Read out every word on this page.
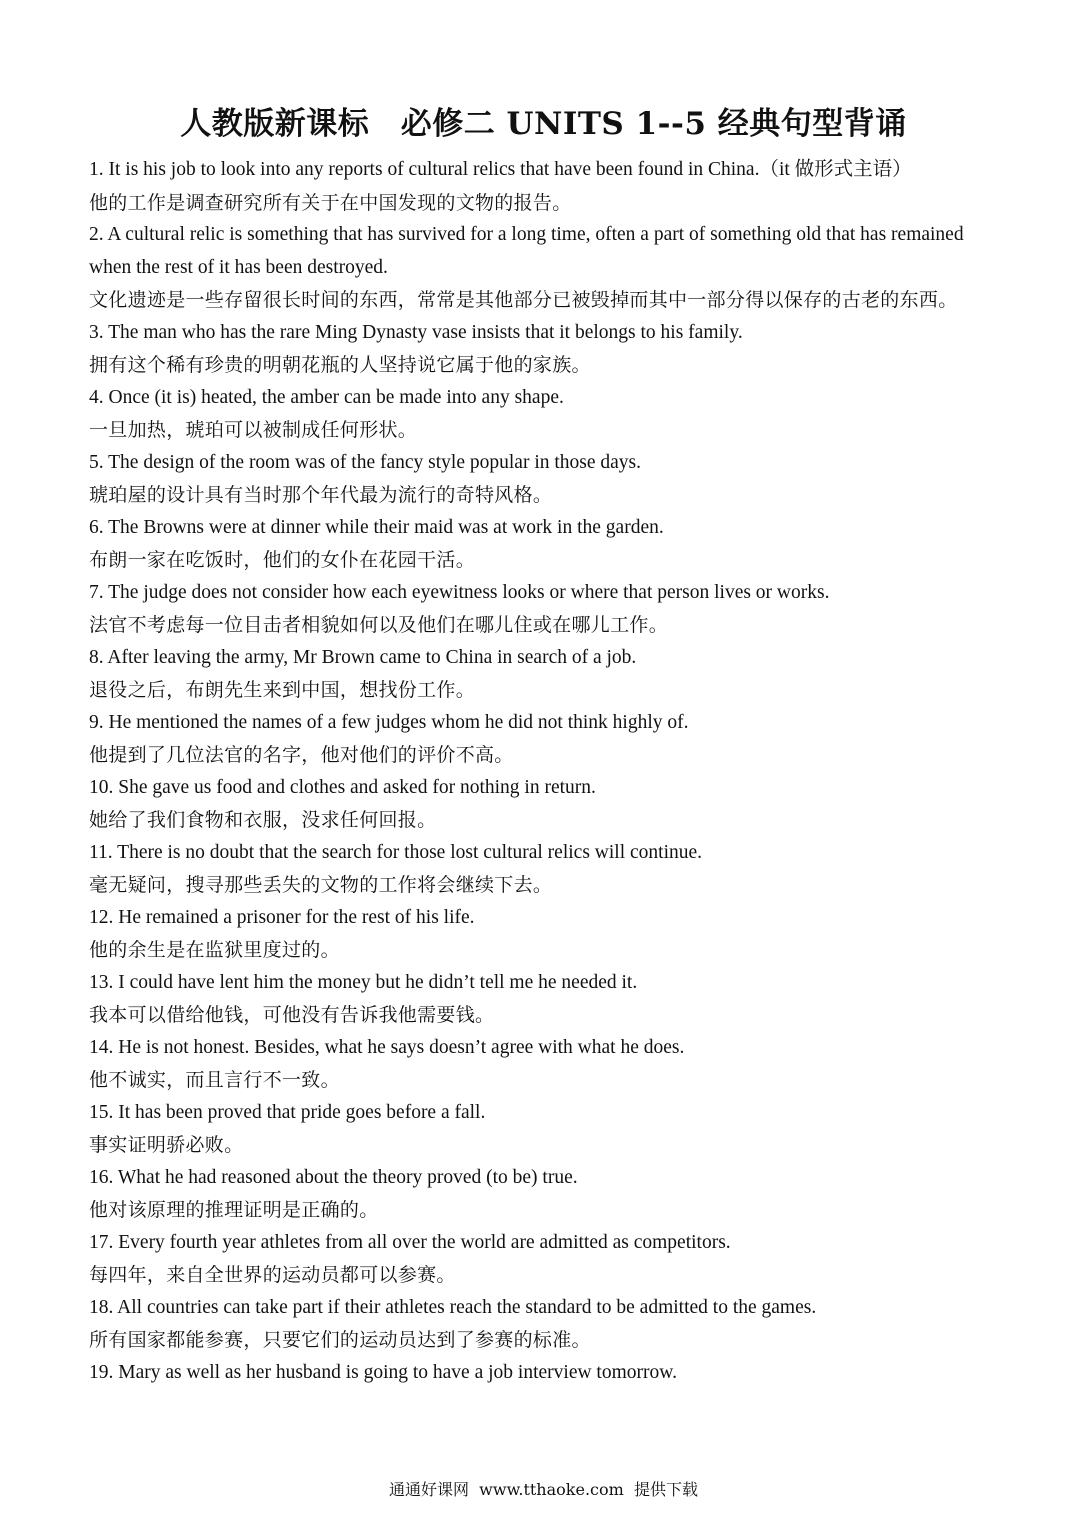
人教版新课标　必修二 UNITS 1--5 经典句型背诵

1. It is his job to look into any reports of cultural relics that have been found in China.（it 做形式主语）

他的工作是调查研究所有关于在中国发现的文物的报告。

2. A cultural relic is something that has survived for a long time, often a part of something old that has remained when the rest of it has been destroyed.

文化遗迹是一些存留很长时间的东西，常常是其他部分已被毁掉而其中一部分得以保存的古老的东西。

3. The man who has the rare Ming Dynasty vase insists that it belongs to his family.

拥有这个稀有珍贵的明朝花瓶的人坚持说它属于他的家族。

4. Once (it is) heated, the amber can be made into any shape.

一旦加热，琥珀可以被制成任何形状。

5. The design of the room was of the fancy style popular in those days.

琥珀屋的设计具有当时那个年代最为流行的奇特风格。

6. The Browns were at dinner while their maid was at work in the garden.

布朗一家在吃饭时，他们的女仆在花园干活。

7. The judge does not consider how each eyewitness looks or where that person lives or works.

法官不考虑每一位目击者相貌如何以及他们在哪儿住或在哪儿工作。

8. After leaving the army, Mr Brown came to China in search of a job.

退役之后，布朗先生来到中国，想找份工作。

9. He mentioned the names of a few judges whom he did not think highly of.

他提到了几位法官的名字，他对他们的评价不高。

10. She gave us food and clothes and asked for nothing in return.

她给了我们食物和衣服，没求任何回报。

11. There is no doubt that the search for those lost cultural relics will continue.

毫无疑问，搜寻那些丢失的文物的工作将会继续下去。

12. He remained a prisoner for the rest of his life.

他的余生是在监狱里度过的。

13. I could have lent him the money but he didn’t tell me he needed it.

我本可以借给他钱，可他没有告诉我他需要钱。

14. He is not honest. Besides, what he says doesn’t agree with what he does.

他不诚实，而且言行不一致。

15. It has been proved that pride goes before a fall.

事实证明骄必败。

16. What he had reasoned about the theory proved (to be) true.

他对该原理的推理证明是正确的。

17. Every fourth year athletes from all over the world are admitted as competitors.

每四年，来自全世界的运动员都可以参赛。

18. All countries can take part if their athletes reach the standard to be admitted to the games.

所有国家都能参赛，只要它们的运动员达到了参赛的标准。

19. Mary as well as her husband is going to have a job interview tomorrow.

通通好课网  www.tthaoke.com  提供下载
